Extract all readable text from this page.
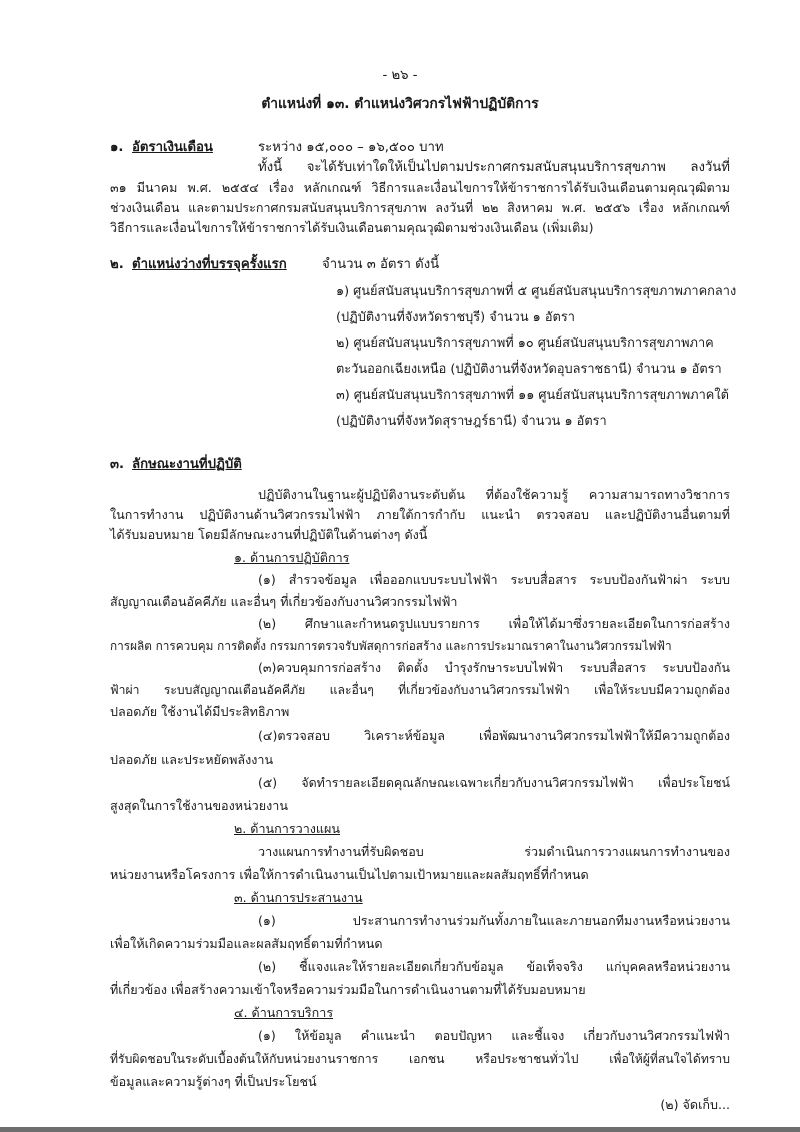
- ๒๖ -
ตำแหน่งที่ ๑๓. ตำแหน่งวิศวกรไฟฟ้าปฏิบัติการ
๑. อัตราเงินเดือน	ระหว่าง ๑๕,๐๐๐ – ๑๖,๕๐๐ บาท
ทั้งนี้ จะได้รับเท่าใดให้เป็นไปตามประกาศกรมสนับสนุนบริการสุขภาพ ลงวันที่
๓๑ มีนาคม พ.ศ. ๒๕๕๔ เรื่อง หลักเกณฑ์ วิธีการและเงื่อนไขการให้ข้าราชการได้รับเงินเดือนตามคุณวุฒิตาม
ช่วงเงินเดือน และตามประกาศกรมสนับสนุนบริการสุขภาพ ลงวันที่ ๒๒ สิงหาคม พ.ศ. ๒๕๕๖ เรื่อง หลักเกณฑ์
วิธีการและเงื่อนไขการให้ข้าราชการได้รับเงินเดือนตามคุณวุฒิตามช่วงเงินเดือน (เพิ่มเติม)
๒. ตำแหน่งว่างที่บรรจุครั้งแรก	จำนวน ๓ อัตรา ดังนี้
๑) ศูนย์สนับสนุนบริการสุขภาพที่ ๕ ศูนย์สนับสนุนบริการสุขภาพภาคกลาง
(ปฏิบัติงานที่จังหวัดราชบุรี) จำนวน ๑ อัตรา
๒) ศูนย์สนับสนุนบริการสุขภาพที่ ๑๐ ศูนย์สนับสนุนบริการสุขภาพภาค
ตะวันออกเฉียงเหนือ (ปฏิบัติงานที่จังหวัดอุบลราชธานี) จำนวน ๑ อัตรา
๓) ศูนย์สนับสนุนบริการสุขภาพที่ ๑๑ ศูนย์สนับสนุนบริการสุขภาพภาคใต้
(ปฏิบัติงานที่จังหวัดสุราษฎร์ธานี) จำนวน ๑ อัตรา
๓. ลักษณะงานที่ปฏิบัติ
ปฏิบัติงานในฐานะผู้ปฏิบัติงานระดับต้น ที่ต้องใช้ความรู้ ความสามารถทางวิชาการ
ในการทำงาน ปฏิบัติงานด้านวิศวกรรมไฟฟ้า ภายใต้การกำกับ แนะนำ ตรวจสอบ และปฏิบัติงานอื่นตามที่
ได้รับมอบหมาย โดยมีลักษณะงานที่ปฏิบัติในด้านต่างๆ ดังนี้
๑. ด้านการปฏิบัติการ
(๑) สำรวจข้อมูล เพื่อออกแบบระบบไฟฟ้า ระบบสื่อสาร ระบบป้องกันฟ้าผ่า ระบบ
สัญญาณเตือนอัคคีภัย และอื่นๆ ที่เกี่ยวข้องกับงานวิศวกรรมไฟฟ้า
(๒) ศึกษาและกำหนดรูปแบบรายการ เพื่อให้ได้มาซึ่งรายละเอียดในการก่อสร้าง
การผลิต การควบคุม การติดตั้ง กรรมการตรวจรับพัสดุการก่อสร้าง และการประมาณราคาในงานวิศวกรรมไฟฟ้า
(๓)ควบคุมการก่อสร้าง ติดตั้ง บำรุงรักษาระบบไฟฟ้า ระบบสื่อสาร ระบบป้องกัน
ฟ้าผ่า ระบบสัญญาณเตือนอัคคีภัย และอื่นๆ ที่เกี่ยวข้องกับงานวิศวกรรมไฟฟ้า เพื่อให้ระบบมีความถูกต้อง
ปลอดภัย ใช้งานได้มีประสิทธิภาพ
(๔)ตรวจสอบ วิเคราะห์ข้อมูล เพื่อพัฒนางานวิศวกรรมไฟฟ้าให้มีความถูกต้อง
ปลอดภัย และประหยัดพลังงาน
(๕) จัดทำรายละเอียดคุณลักษณะเฉพาะเกี่ยวกับงานวิศวกรรมไฟฟ้า เพื่อประโยชน์
สูงสุดในการใช้งานของหน่วยงาน
๒. ด้านการวางแผน
วางแผนการทำงานที่รับผิดชอบ ร่วมดำเนินการวางแผนการทำงานของ
หน่วยงานหรือโครงการ เพื่อให้การดำเนินงานเป็นไปตามเป้าหมายและผลสัมฤทธิ์ที่กำหนด
๓. ด้านการประสานงาน
(๑) ประสานการทำงานร่วมกันทั้งภายในและภายนอกทีมงานหรือหน่วยงาน
เพื่อให้เกิดความร่วมมือและผลสัมฤทธิ์ตามที่กำหนด
(๒) ชี้แจงและให้รายละเอียดเกี่ยวกับข้อมูล ข้อเท็จจริง แก่บุคคลหรือหน่วยงาน
ที่เกี่ยวข้อง เพื่อสร้างความเข้าใจหรือความร่วมมือในการดำเนินงานตามที่ได้รับมอบหมาย
๔. ด้านการบริการ
(๑) ให้ข้อมูล คำแนะนำ ตอบปัญหา และชี้แจง เกี่ยวกับงานวิศวกรรมไฟฟ้า
ที่รับผิดชอบในระดับเบื้องต้นให้กับหน่วยงานราชการ เอกชน หรือประชาชนทั่วไป เพื่อให้ผู้ที่สนใจได้ทราบ
ข้อมูลและความรู้ต่างๆ ที่เป็นประโยชน์
(๒) จัดเก็บ...
